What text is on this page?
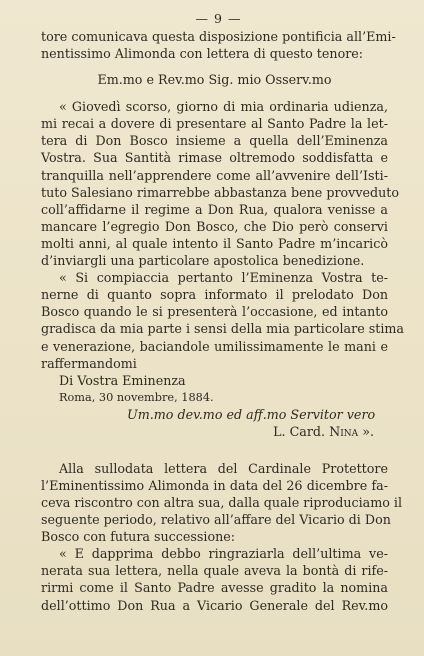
— 9 —
tore comunicava questa disposizione pontificia all’Emi-
nentissimo Alimonda con lettera di questo tenore:
Em.mo e Rev.mo Sig. mio Osserv.mo
« Giovedì scorso, giorno di mia ordinaria udienza,
mi recai a dovere di presentare al Santo Padre la let-
tera di Don Bosco insieme a quella dell’Eminenza
Vostra. Sua Santità rimase oltremodo soddisfatta e
tranquilla nell’apprendere come all’avvenire dell’Isti-
tuto Salesiano rimarrebbe abbastanza bene provveduto
coll’affidarne il regime a Don Rua, qualora venisse a
mancare l’egregio Don Bosco, che Dio però conservi
molti anni, al quale intento il Santo Padre m’incaricò
d’inviargli una particolare apostolica benedizione.
« Si compiaccia pertanto l’Eminenza Vostra te-
nerne di quanto sopra informato il prelodato Don
Bosco quando le si presenterà l’occasione, ed intanto
gradisca da mia parte i sensi della mia particolare stima
e venerazione, baciandole umilissimamente le mani e
raffermandomi
Di Vostra Eminenza
Roma, 30 novembre, 1884.
Um.mo dev.mo ed aff.mo Servitor vero
L. Card. Nina ».
Alla sullodata lettera del Cardinale Protettore
l’Eminentissimo Alimonda in data del 26 dicembre fa-
ceva riscontro con altra sua, dalla quale riproduciamo il
seguente periodo, relativo all’affare del Vicario di Don
Bosco con futura successione:
« E dapprima debbo ringraziarla dell’ultima ve-
nerata sua lettera, nella quale aveva la bontà di rife-
rirmi come il Santo Padre avesse gradito la nomina
dell’ottimo Don Rua a Vicario Generale del Rev.mo
